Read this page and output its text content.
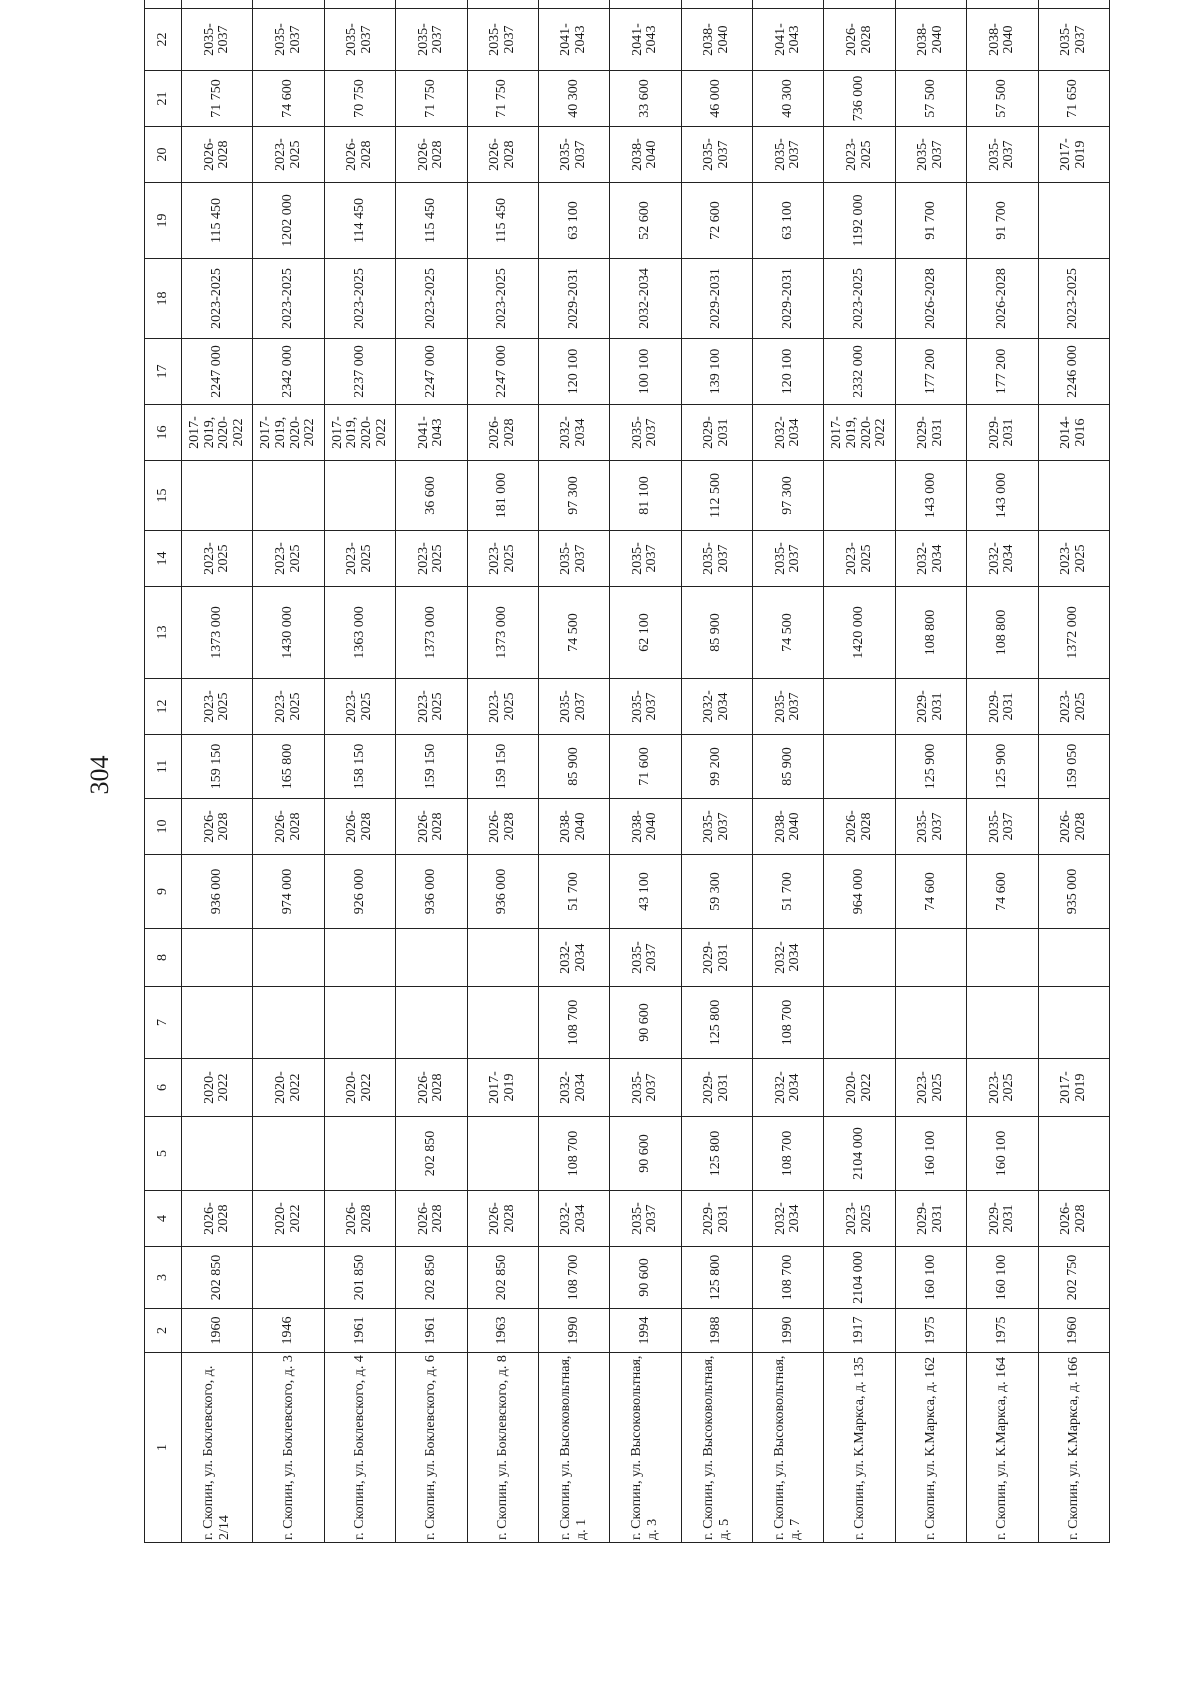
304
1	2	3	4	5	6	7	8	9	10	11	12	13	14	15	16	17	18	19	20	21	22		
г. Скопин, ул. Боклевского, д. 2/14	1960	202 850	2026-2028		2020-2022			936 000	2026-2028	159 150	2023-2025	1373 000	2023-2025		2017-2019, 2020-2022	2247 000	2023-2025	115 450	2026-2028	71 750	2035-2037		
г. Скопин, ул. Боклевского, д. 3	1946		2020-2022		2020-2022			974 000	2026-2028	165 800	2023-2025	1430 000	2023-2025		2017-2019, 2020-2022	2342 000	2023-2025	1202 000	2023-2025	74 600	2035-2037		
г. Скопин, ул. Боклевского, д. 4	1961	201 850	2026-2028		2020-2022			926 000	2026-2028	158 150	2023-2025	1363 000	2023-2025		2017-2019, 2020-2022	2237 000	2023-2025	114 450	2026-2028	70 750	2035-2037		
г. Скопин, ул. Боклевского, д. 6	1961	202 850	2026-2028	202 850	2026-2028			936 000	2026-2028	159 150	2023-2025	1373 000	2023-2025	36 600	2041-2043	2247 000	2023-2025	115 450	2026-2028	71 750	2035-2037		
г. Скопин, ул. Боклевского, д. 8	1963	202 850	2026-2028		2017-2019			936 000	2026-2028	159 150	2023-2025	1373 000	2023-2025	181 000	2026-2028	2247 000	2023-2025	115 450	2026-2028	71 750	2035-2037		
г. Скопин, ул. Высоковольтная, д. 1	1990	108 700	2032-2034	108 700	2032-2034	108 700	2032-2034	51 700	2038-2040	85 900	2035-2037	74 500	2035-2037	97 300	2032-2034	120 100	2029-2031	63 100	2035-2037	40 300	2041-2043		
г. Скопин, ул. Высоковольтная, д. 3	1994	90 600	2035-2037	90 600	2035-2037	90 600	2035-2037	43 100	2038-2040	71 600	2035-2037	62 100	2035-2037	81 100	2035-2037	100 100	2032-2034	52 600	2038-2040	33 600	2041-2043		
г. Скопин, ул. Высоковольтная, д. 5	1988	125 800	2029-2031	125 800	2029-2031	125 800	2029-2031	59 300	2035-2037	99 200	2032-2034	85 900	2035-2037	112 500	2029-2031	139 100	2029-2031	72 600	2035-2037	46 000	2038-2040		
г. Скопин, ул. Высоковольтная, д. 7	1990	108 700	2032-2034	108 700	2032-2034	108 700	2032-2034	51 700	2038-2040	85 900	2035-2037	74 500	2035-2037	97 300	2032-2034	120 100	2029-2031	63 100	2035-2037	40 300	2041-2043		
г. Скопин, ул. К.Маркса, д. 135	1917	2104 000	2023-2025	2104 000	2020-2022			964 000	2026-2028			1420 000	2023-2025		2017-2019, 2020-2022	2332 000	2023-2025	1192 000	2023-2025	736 000	2026-2028		
г. Скопин, ул. К.Маркса, д. 162	1975	160 100	2029-2031	160 100	2023-2025			74 600	2035-2037	125 900	2029-2031	108 800	2032-2034	143 000	2029-2031	177 200	2026-2028	91 700	2035-2037	57 500	2038-2040		
г. Скопин, ул. К.Маркса, д. 164	1975	160 100	2029-2031	160 100	2023-2025			74 600	2035-2037	125 900	2029-2031	108 800	2032-2034	143 000	2029-2031	177 200	2026-2028	91 700	2035-2037	57 500	2038-2040		
г. Скопин, ул. К.Маркса, д. 166	1960	202 750	2026-2028		2017-2019			935 000	2026-2028	159 050	2023-2025	1372 000	2023-2025		2014-2016	2246 000	2023-2025		2017-2019	71 650	2035-2037		
